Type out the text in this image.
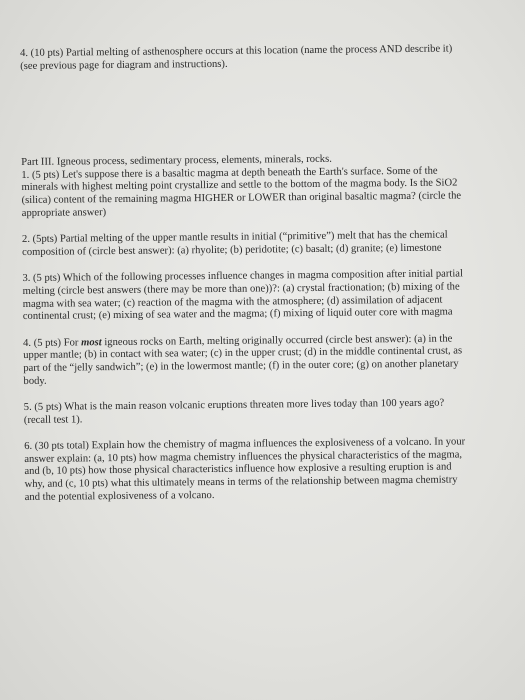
4. (10 pts) Partial melting of asthenosphere occurs at this location (name the process AND describe it)
(see previous page for diagram and instructions).
Part III. Igneous process, sedimentary process, elements, minerals, rocks.
1. (5 pts) Let's suppose there is a basaltic magma at depth beneath the Earth's surface. Some of the
minerals with highest melting point crystallize and settle to the bottom of the magma body. Is the SiO2
(silica) content of the remaining magma HIGHER or LOWER than original basaltic magma? (circle the
appropriate answer)
2. (5pts) Partial melting of the upper mantle results in initial (“primitive”) melt that has the chemical
composition of (circle best answer): (a) rhyolite; (b) peridotite; (c) basalt; (d) granite; (e) limestone
3. (5 pts) Which of the following processes influence changes in magma composition after initial partial
melting (circle best answers (there may be more than one))?: (a) crystal fractionation; (b) mixing of the
magma with sea water; (c) reaction of the magma with the atmosphere; (d) assimilation of adjacent
continental crust; (e) mixing of sea water and the magma; (f) mixing of liquid outer core with magma
4. (5 pts) For most igneous rocks on Earth, melting originally occurred (circle best answer): (a) in the
upper mantle; (b) in contact with sea water; (c) in the upper crust; (d) in the middle continental crust, as
part of the “jelly sandwich”; (e) in the lowermost mantle; (f) in the outer core; (g) on another planetary
body.
5. (5 pts) What is the main reason volcanic eruptions threaten more lives today than 100 years ago?
(recall test 1).
6. (30 pts total) Explain how the chemistry of magma influences the explosiveness of a volcano. In your
answer explain: (a, 10 pts) how magma chemistry influences the physical characteristics of the magma,
and (b, 10 pts) how those physical characteristics influence how explosive a resulting eruption is and
why, and (c, 10 pts) what this ultimately means in terms of the relationship between magma chemistry
and the potential explosiveness of a volcano.
